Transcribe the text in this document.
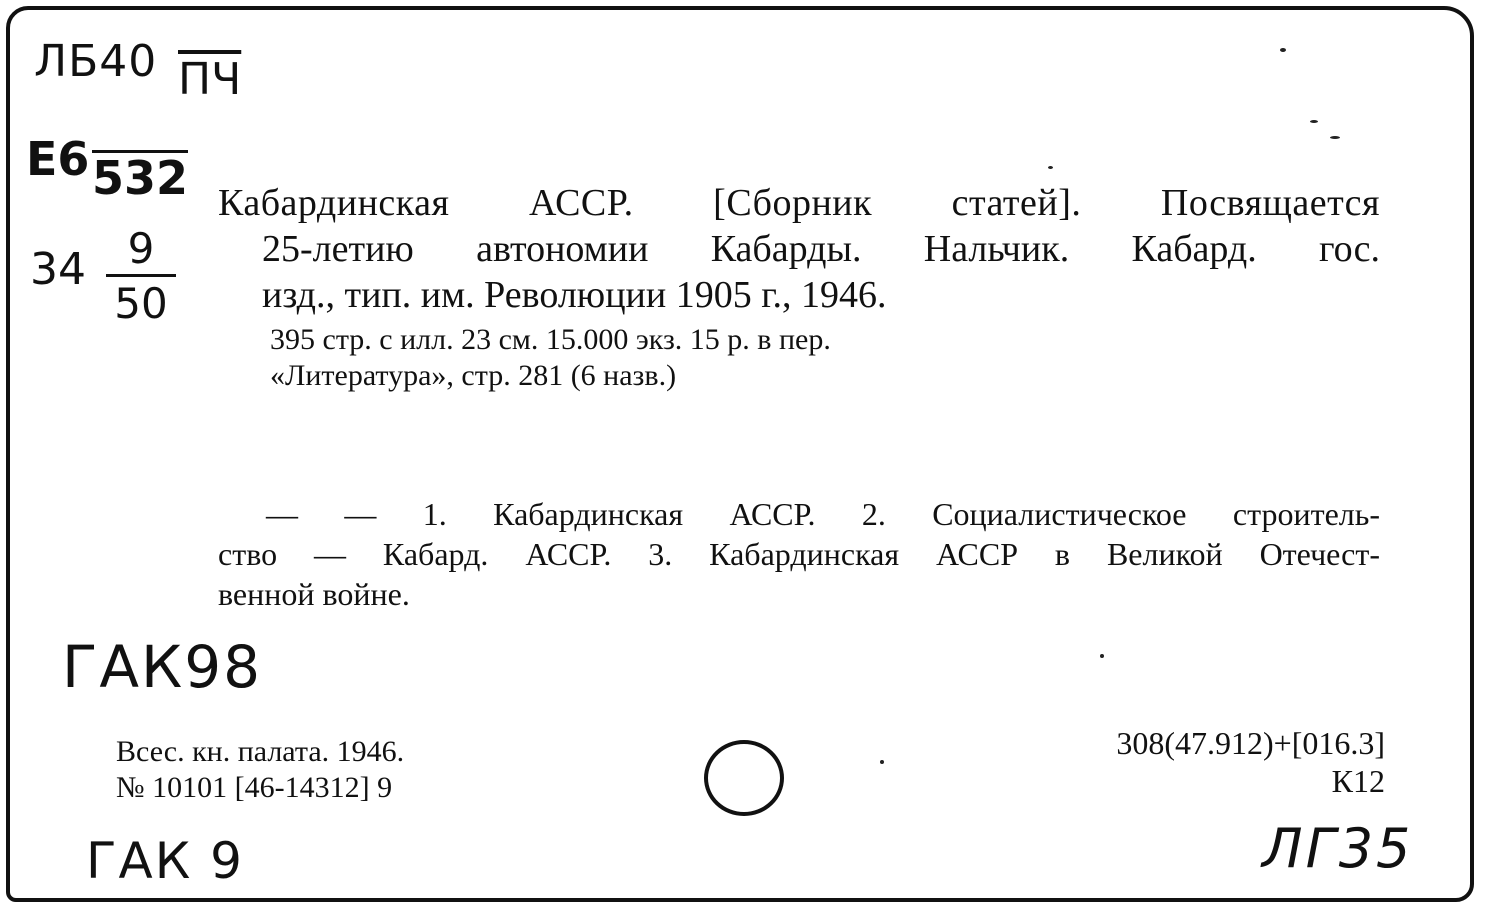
ЛБ40 ПЧ
Е6 532
$34 \frac{9}{50}$

Кабардинская АССР. [Сборник статей]. Посвящается

25-летию автономии Кабарды. Нальчик. Кабард. гос.

изд., тип. им. Революции 1905 г., 1946.

395 стр. с илл. 23 см. 15.000 экз. 15 р. в пер.

«Литература», стр. 281 (6 назв.)

— — 1. Кабардинская АССР. 2. Социалистическое строитель-

ство — Кабард. АССР. 3. Кабардинская АССР в Великой Отечест-

венной войне.

ГАК98

Всес. кн. палата. 1946.

№ 10101 [46-14312] 9

308(47.912)+[016.3]

К12

ГАК 9	ЛГ35
